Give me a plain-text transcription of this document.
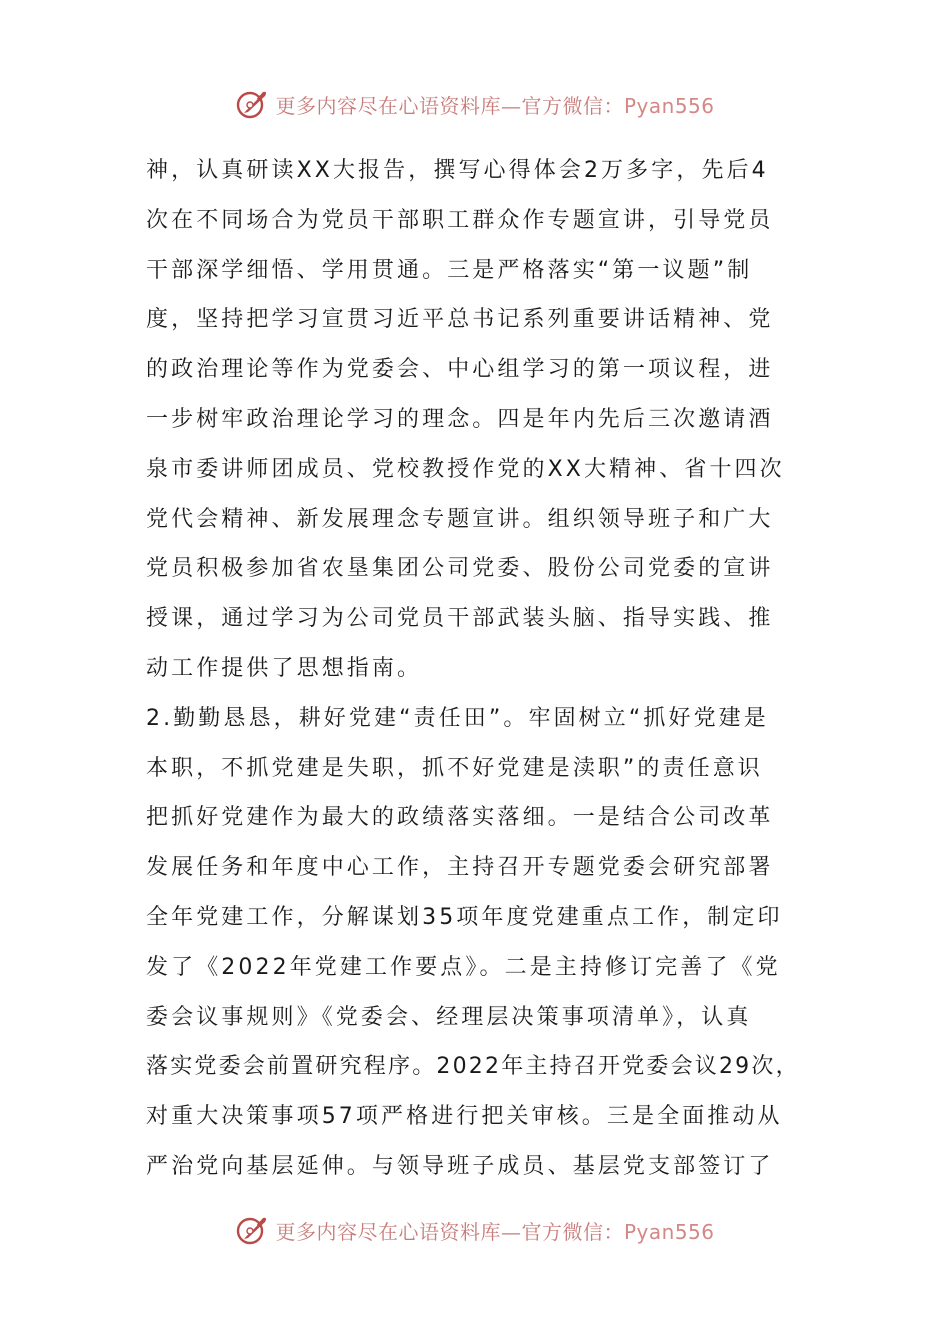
更多内容尽在心语资料库—官方微信：Pyan556
神，认真研读XX大报告，撰写心得体会2万多字，先后4
次在不同场合为党员干部职工群众作专题宣讲，引导党员
干部深学细悟、学用贯通。三是严格落实“第一议题”制
度，坚持把学习宣贯习近平总书记系列重要讲话精神、党
的政治理论等作为党委会、中心组学习的第一项议程，进
一步树牢政治理论学习的理念。四是年内先后三次邀请酒
泉市委讲师团成员、党校教授作党的XX大精神、省十四次
党代会精神、新发展理念专题宣讲。组织领导班子和广大
党员积极参加省农垦集团公司党委、股份公司党委的宣讲
授课，通过学习为公司党员干部武装头脑、指导实践、推
动工作提供了思想指南。
2.勤勤恳恳，耕好党建“责任田”。牢固树立“抓好党建是
本职，不抓党建是失职，抓不好党建是渎职”的责任意识
把抓好党建作为最大的政绩落实落细。一是结合公司改革
发展任务和年度中心工作，主持召开专题党委会研究部署
全年党建工作，分解谋划35项年度党建重点工作，制定印
发了《2022年党建工作要点》。二是主持修订完善了《党
委会议事规则》《党委会、经理层决策事项清单》，认真
落实党委会前置研究程序。2022年主持召开党委会议29次，
对重大决策事项57项严格进行把关审核。三是全面推动从
严治党向基层延伸。与领导班子成员、基层党支部签订了
更多内容尽在心语资料库—官方微信：Pyan556
